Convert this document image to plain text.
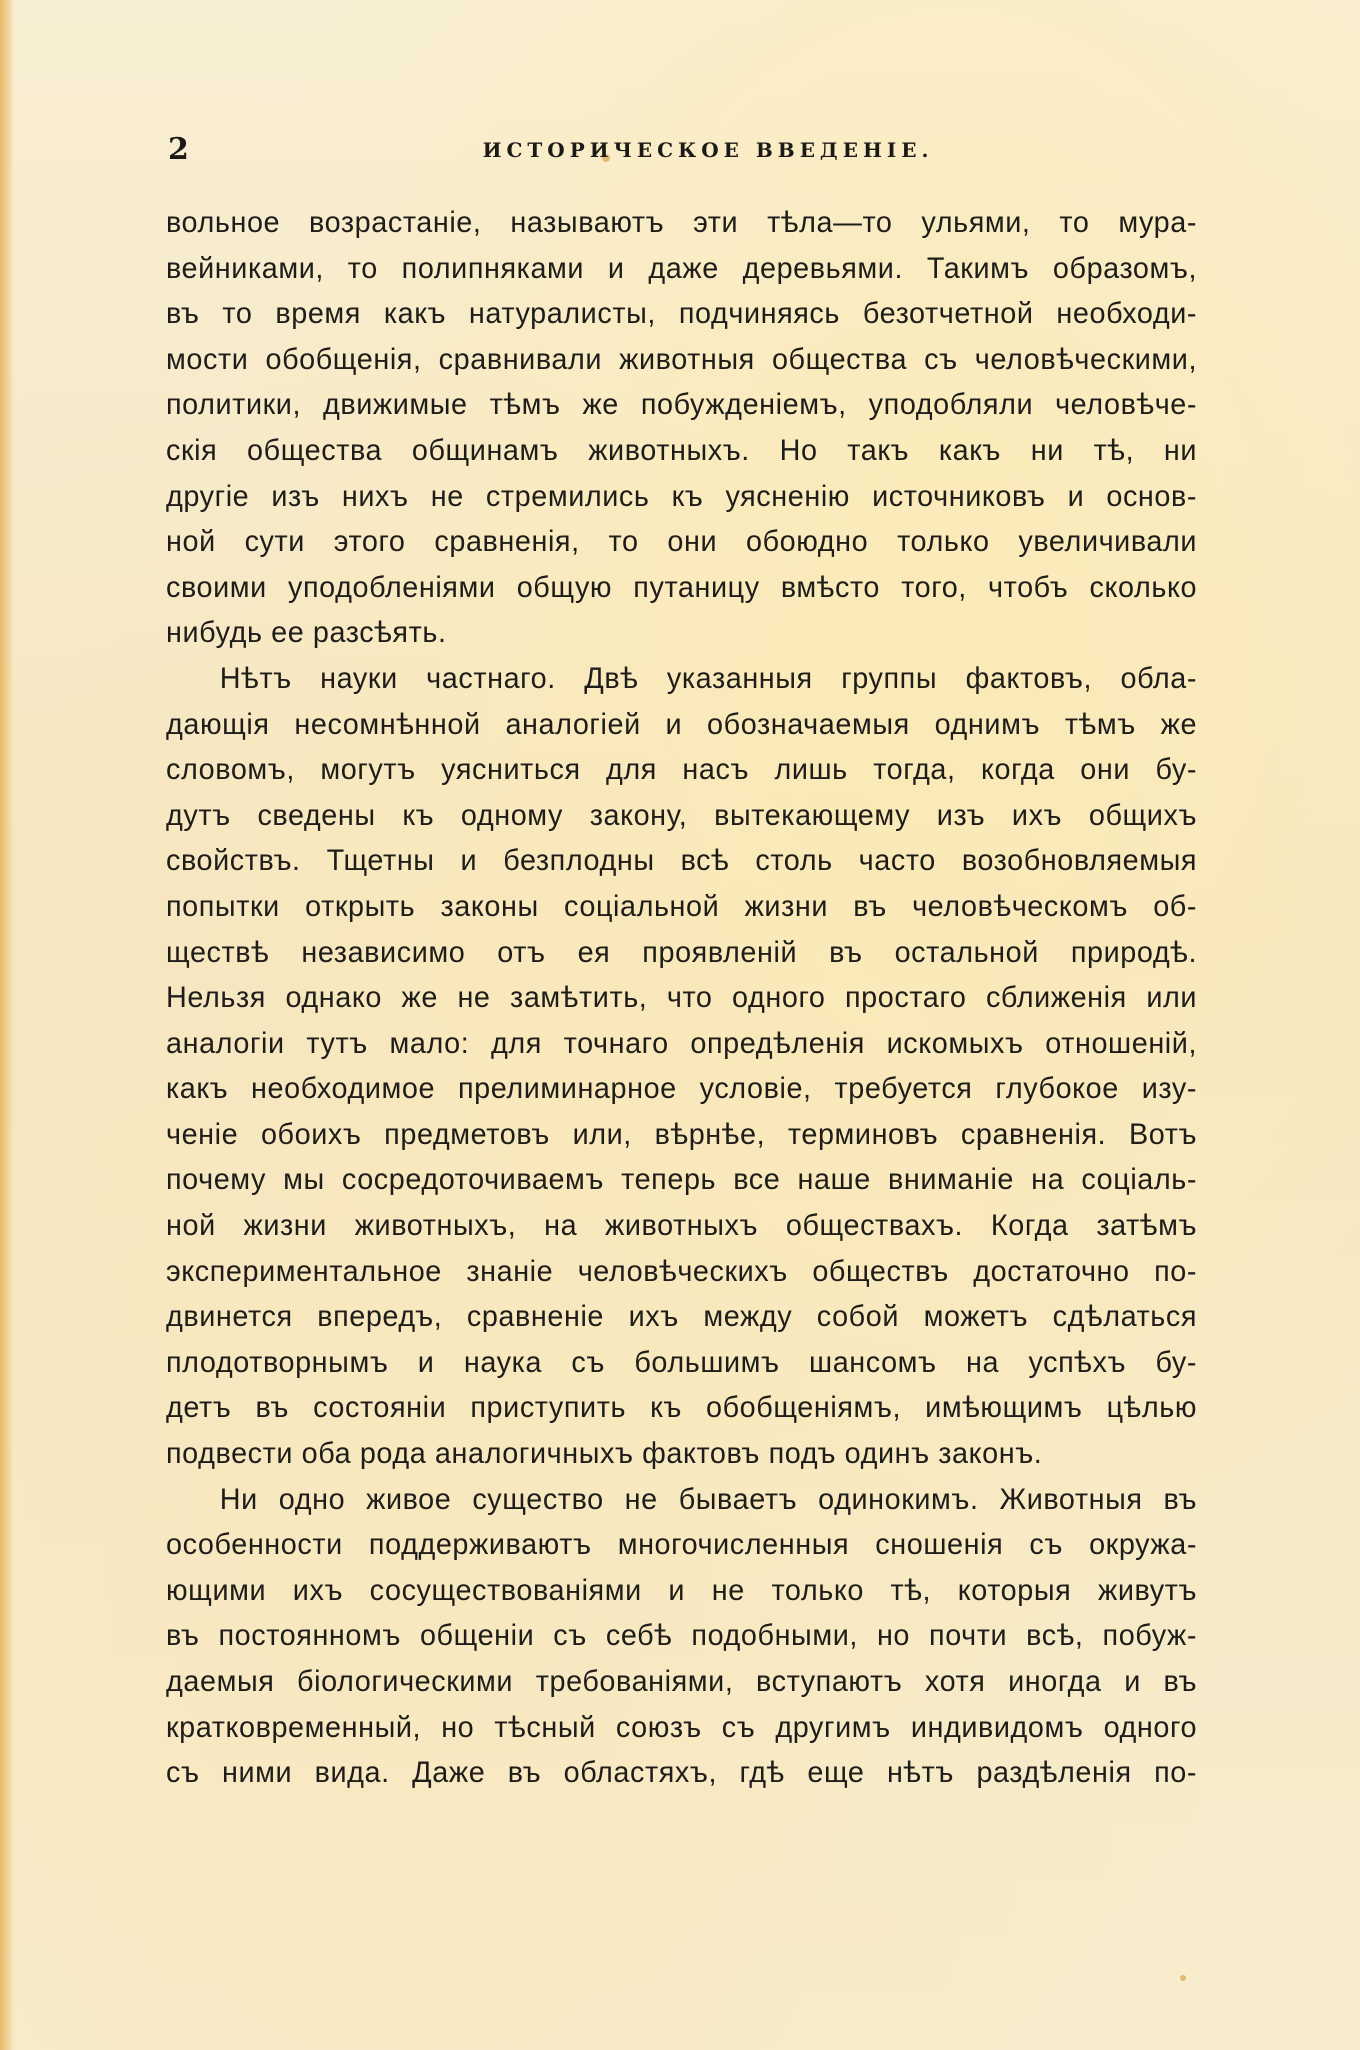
2	ИСТОРИЧЕСКОЕ ВВЕДЕНІЕ.

вольное возрастаніе, называютъ эти тѣла—то ульями, то мура-
вейниками, то полипняками и даже деревьями. Такимъ образомъ,
въ то время какъ натуралисты, подчиняясь безотчетной необходи-
мости обобщенія, сравнивали животныя общества съ человѣческими,
политики, движимые тѣмъ же побужденіемъ, уподобляли человѣче-
скія общества общинамъ животныхъ. Но такъ какъ ни тѣ, ни
другіе изъ нихъ не стремились къ уясненію источниковъ и основ-
ной сути этого сравненія, то они обоюдно только увеличивали
своими уподобленіями общую путаницу вмѣсто того, чтобъ сколько
нибудь ее разсѣять.

Нѣтъ науки частнаго. Двѣ указанныя группы фактовъ, обла-
дающія несомнѣнной аналогіей и обозначаемыя однимъ тѣмъ же
словомъ, могутъ уясниться для насъ лишь тогда, когда они бу-
дутъ сведены къ одному закону, вытекающему изъ ихъ общихъ
свойствъ. Тщетны и безплодны всѣ столь часто возобновляемыя
попытки открыть законы соціальной жизни въ человѣческомъ об-
ществѣ независимо отъ ея проявленій въ остальной природѣ.
Нельзя однако же не замѣтить, что одного простаго сближенія или
аналогіи тутъ мало: для точнаго опредѣленія искомыхъ отношеній,
какъ необходимое прелиминарное условіе, требуется глубокое изу-
ченіе обоихъ предметовъ или, вѣрнѣе, терминовъ сравненія. Вотъ
почему мы сосредоточиваемъ теперь все наше вниманіе на соціаль-
ной жизни животныхъ, на животныхъ обществахъ. Когда затѣмъ
экспериментальное знаніе человѣческихъ обществъ достаточно по-
двинется впередъ, сравненіе ихъ между собой можетъ сдѣлаться
плодотворнымъ и наука съ большимъ шансомъ на успѣхъ бу-
детъ въ состояніи приступить къ обобщеніямъ, имѣющимъ цѣлью
подвести оба рода аналогичныхъ фактовъ подъ одинъ законъ.

Ни одно живое существо не бываетъ одинокимъ. Животныя въ
особенности поддерживаютъ многочисленныя сношенія съ окружа-
ющими ихъ сосуществованіями и не только тѣ, которыя живутъ
въ постоянномъ общеніи съ себѣ подобными, но почти всѣ, побуж-
даемыя біологическими требованіями, вступаютъ хотя иногда и въ
кратковременный, но тѣсный союзъ съ другимъ индивидомъ одного
съ ними вида. Даже въ областяхъ, гдѣ еще нѣтъ раздѣленія по-
